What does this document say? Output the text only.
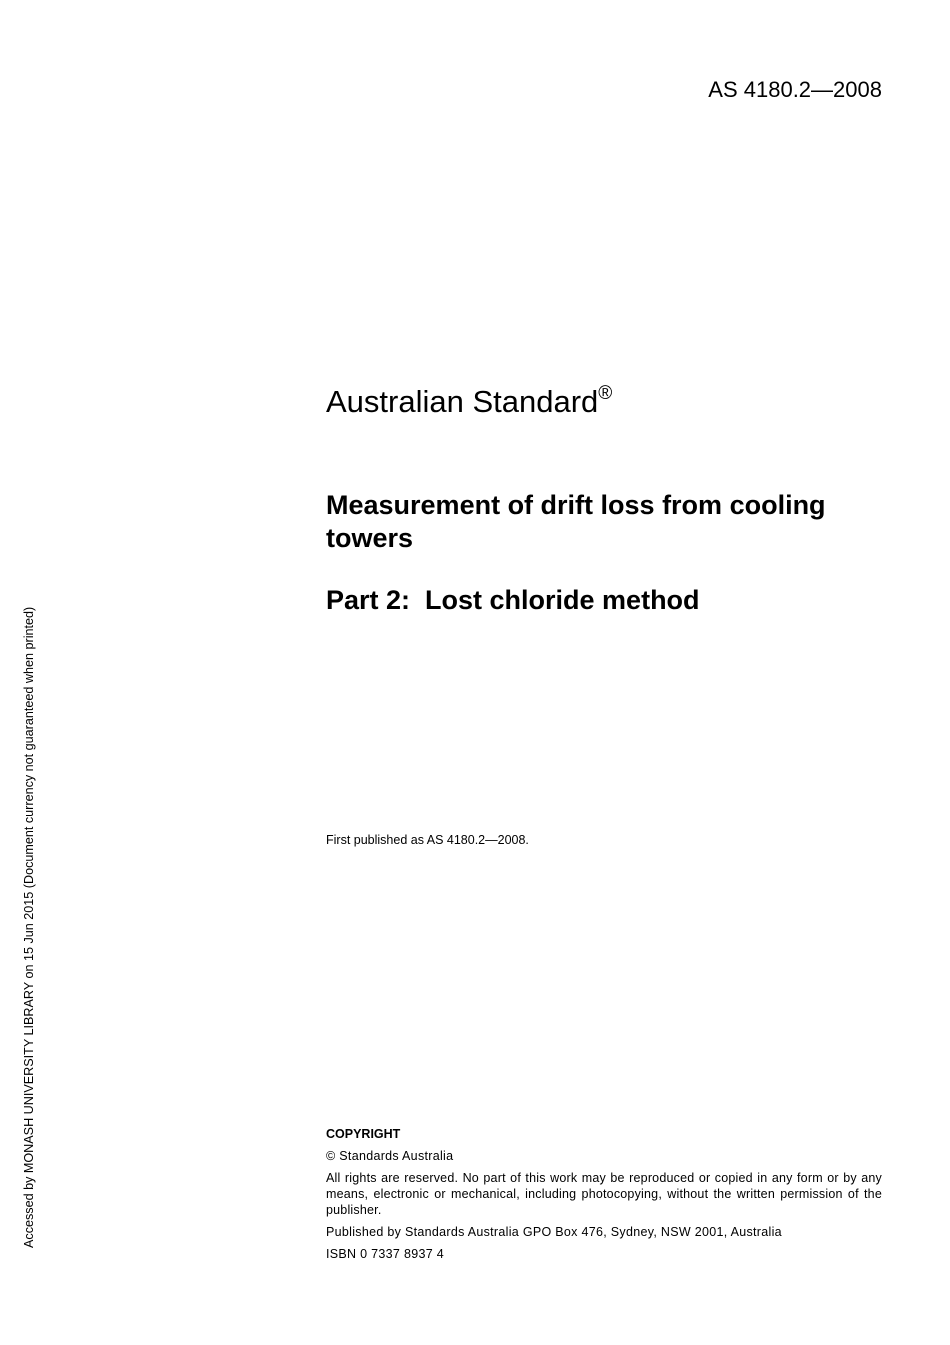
AS 4180.2—2008
Accessed by MONASH UNIVERSITY LIBRARY on 15 Jun 2015 (Document currency not guaranteed when printed)
Australian Standard®
Measurement of drift loss from cooling towers
Part 2:  Lost chloride method
First published as AS 4180.2—2008.

COPYRIGHT

© Standards Australia

All rights are reserved. No part of this work may be reproduced or copied in any form or by any means, electronic or mechanical, including photocopying, without the written permission of the publisher.

Published by Standards Australia GPO Box 476, Sydney, NSW 2001, Australia

ISBN 0 7337 8937 4
